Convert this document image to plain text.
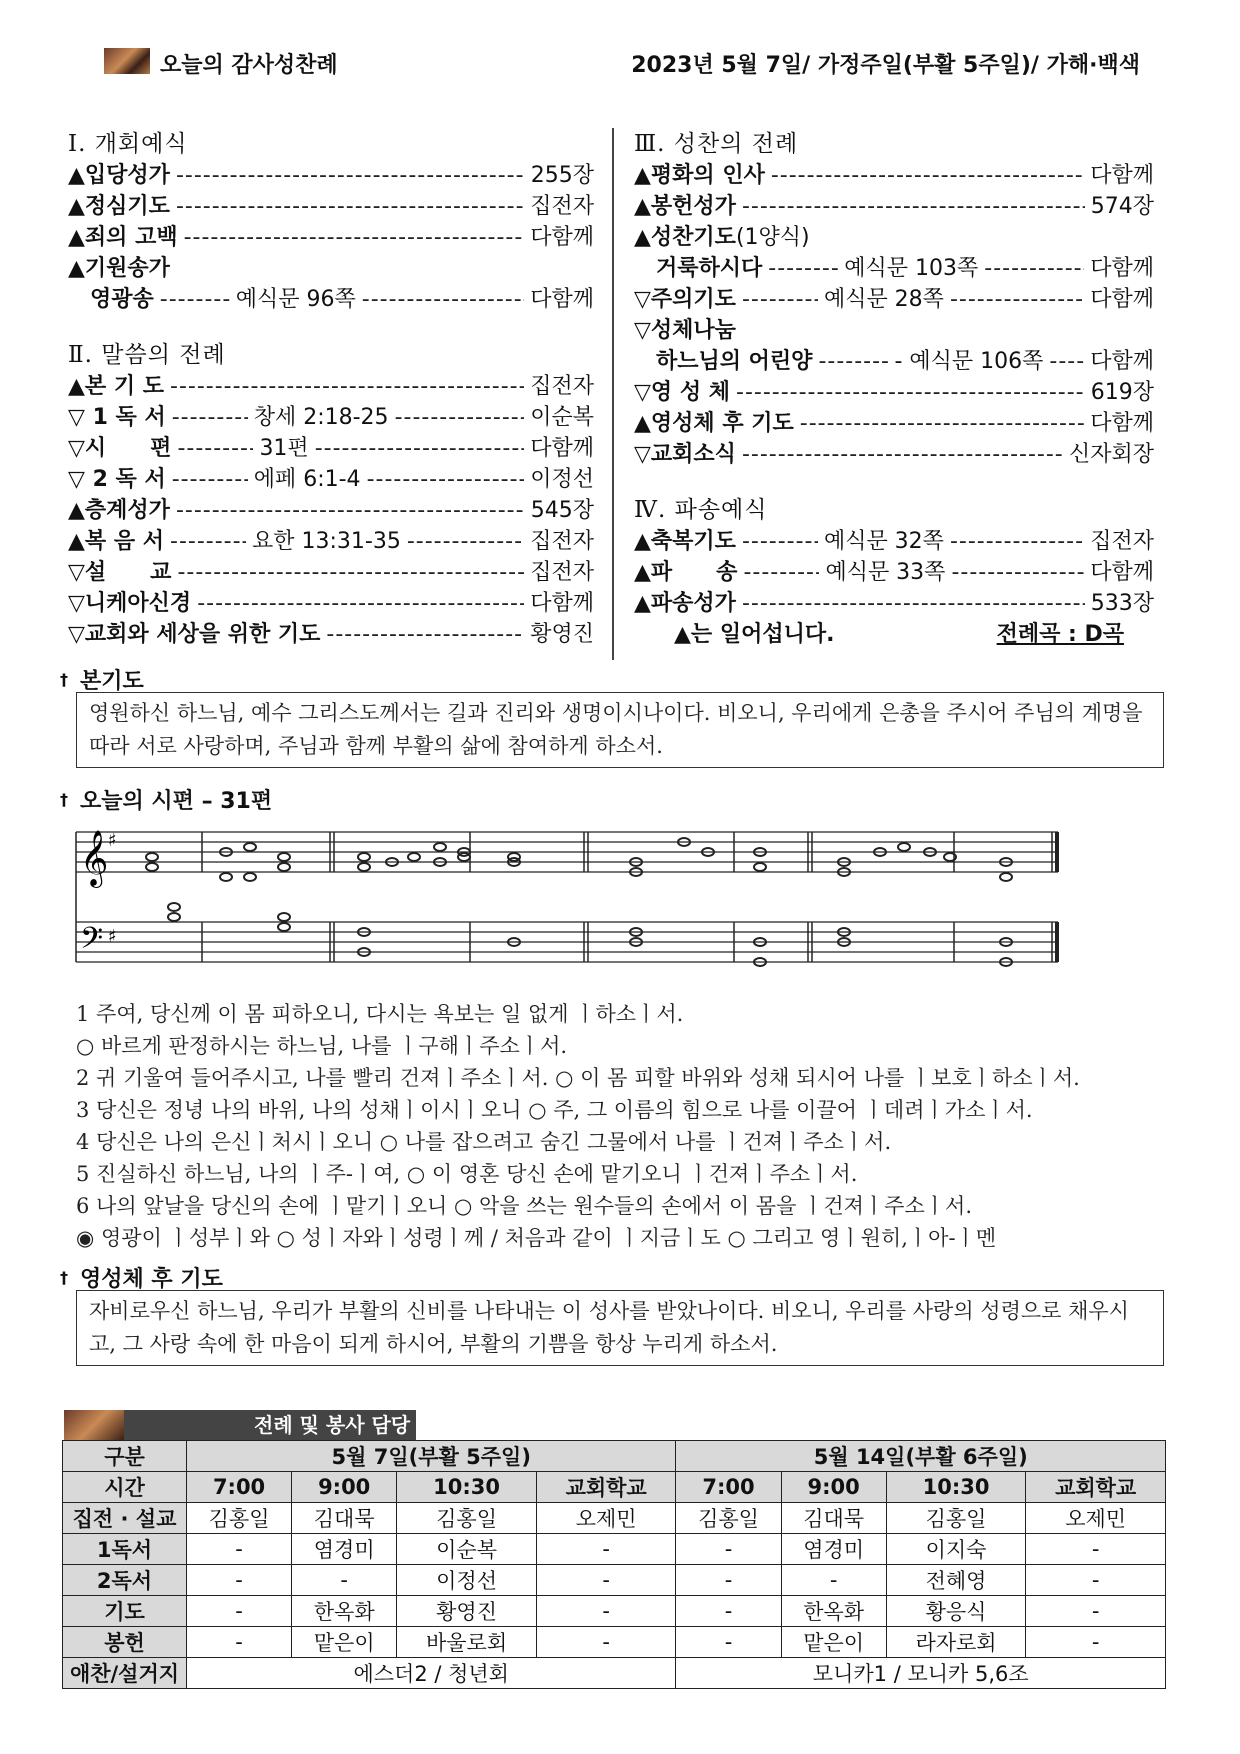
오늘의 감사성찬례	2023년 5월 7일/ 가정주일(부활 5주일)/ 가해·백색
Ⅰ. 개회예식
▲입당성가 -----	255장
▲정심기도 -----	집전자
▲죄의 고백 -----	다함께
▲기원송가
영광송 -----	예식문 96쪽 -----	다함께
Ⅱ. 말씀의 전례
▲본 기 도 -----	집전자
▽ 1 독 서 -----	창세 2:18-25 -----	이순복
▽시　　편 -----	31편 -----	다함께
▽ 2 독 서 -----	에페 6:1-4 -----	이정선
▲층계성가 -----	545장
▲복 음 서 -----	요한 13:31-35 -----	집전자
▽설　　교 -----	집전자
▽니케아신경 -----	다함께
▽교회와 세상을 위한 기도 -----	황영진
Ⅲ. 성찬의 전례
▲평화의 인사 -----	다함께
▲봉헌성가 -----	574장
▲성찬기도 (1양식)
거룩하시다 -----	예식문 103쪽 -----	다함께
▽주의기도 -----	예식문 28쪽 -----	다함께
▽성체나눔
하느님의 어린양 -----	- 예식문 106쪽 ----- 다함께
▽영 성 체 -----	619장
▲영성체 후 기도 -----	다함께
▽교회소식 -----	신자회장
Ⅳ. 파송예식
▲축복기도 -----	예식문 32쪽 -----	집전자
▲파　　송 -----	예식문 33쪽 -----	다함께
▲파송성가 -----	533장
▲는 일어섭니다.	전례곡 : D곡
† 본기도
영원하신 하느님, 예수 그리스도께서는 길과 진리와 생명이시나이다. 비오니, 우리에게 은총을 주시어 주님의 계명을 따라 서로 사랑하며, 주님과 함께 부활의 삶에 참여하게 하소서.
† 오늘의 시편 – 31편
𝄞 ♯
𝄢 ♯
1 주여, 당신께 이 몸 피하오니, 다시는 욕보는 일 없게 ㅣ하소ㅣ서.
○ 바르게 판정하시는 하느님, 나를 ㅣ구해ㅣ주소ㅣ서.
2 귀 기울여 들어주시고, 나를 빨리 건져ㅣ주소ㅣ서. ○ 이 몸 피할 바위와 성채 되시어 나를 ㅣ보호ㅣ하소ㅣ서.
3 당신은 정녕 나의 바위, 나의 성채ㅣ이시ㅣ오니 ○ 주, 그 이름의 힘으로 나를 이끌어 ㅣ데려ㅣ가소ㅣ서.
4 당신은 나의 은신ㅣ처시ㅣ오니 ○ 나를 잡으려고 숨긴 그물에서 나를 ㅣ건져ㅣ주소ㅣ서.
5 진실하신 하느님, 나의 ㅣ주-ㅣ여, ○ 이 영혼 당신 손에 맡기오니 ㅣ건져ㅣ주소ㅣ서.
6 나의 앞날을 당신의 손에 ㅣ맡기ㅣ오니 ○ 악을 쓰는 원수들의 손에서 이 몸을 ㅣ건져ㅣ주소ㅣ서.
◉ 영광이 ㅣ성부ㅣ와 ○ 성ㅣ자와ㅣ성령ㅣ께 / 처음과 같이 ㅣ지금ㅣ도 ○ 그리고 영ㅣ원히,ㅣ아-ㅣ멘
† 영성체 후 기도
자비로우신 하느님, 우리가 부활의 신비를 나타내는 이 성사를 받았나이다. 비오니, 우리를 사랑의 성령으로 채우시고, 그 사랑 속에 한 마음이 되게 하시어, 부활의 기쁨을 항상 누리게 하소서.
전례 및 봉사 담당
구분	5월 7일(부활 5주일)				5월 14일(부활 6주일)			
시간	7:00	9:00	10:30	교회학교	7:00	9:00	10:30	교회학교
집전 · 설교	김홍일	김대묵	김홍일	오제민	김홍일	김대묵	김홍일	오제민
1독서	-	염경미	이순복	-	-	염경미	이지숙	-
2독서	-	-	이정선	-	-	-	전혜영	-
기도	-	한옥화	황영진	-	-	한옥화	황응식	-
봉헌	-	맡은이	바울로회	-	-	맡은이	라자로회	-
애찬/설거지	에스더2 / 청년회				모니카1 / 모니카 5,6조			
